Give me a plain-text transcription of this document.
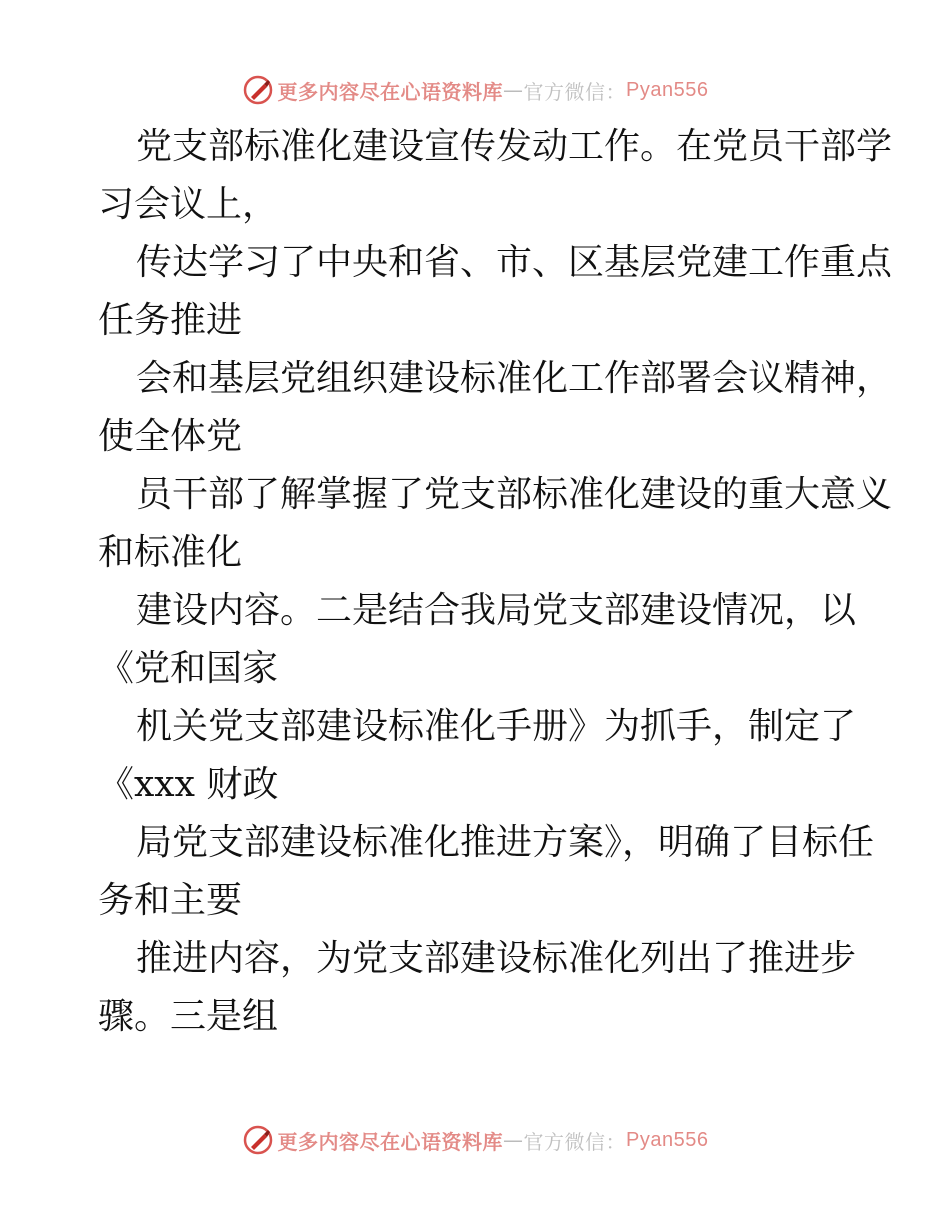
更多内容尽在心语资料库 — 官方微信： Pyan556
党支部标准化建设宣传发动工作。在党员干部学
习会议上，
传达学习了中央和省、市、区基层党建工作重点
任务推进
会和基层党组织建设标准化工作部署会议精神，
使全体党
员干部了解掌握了党支部标准化建设的重大意义
和标准化
建设内容。二是结合我局党支部建设情况，以
《党和国家
机关党支部建设标准化手册》为抓手，制定了
《xxx 财政
局党支部建设标准化推进方案》，明确了目标任
务和主要
推进内容，为党支部建设标准化列出了推进步
骤。三是组
更多内容尽在心语资料库 — 官方微信： Pyan556
